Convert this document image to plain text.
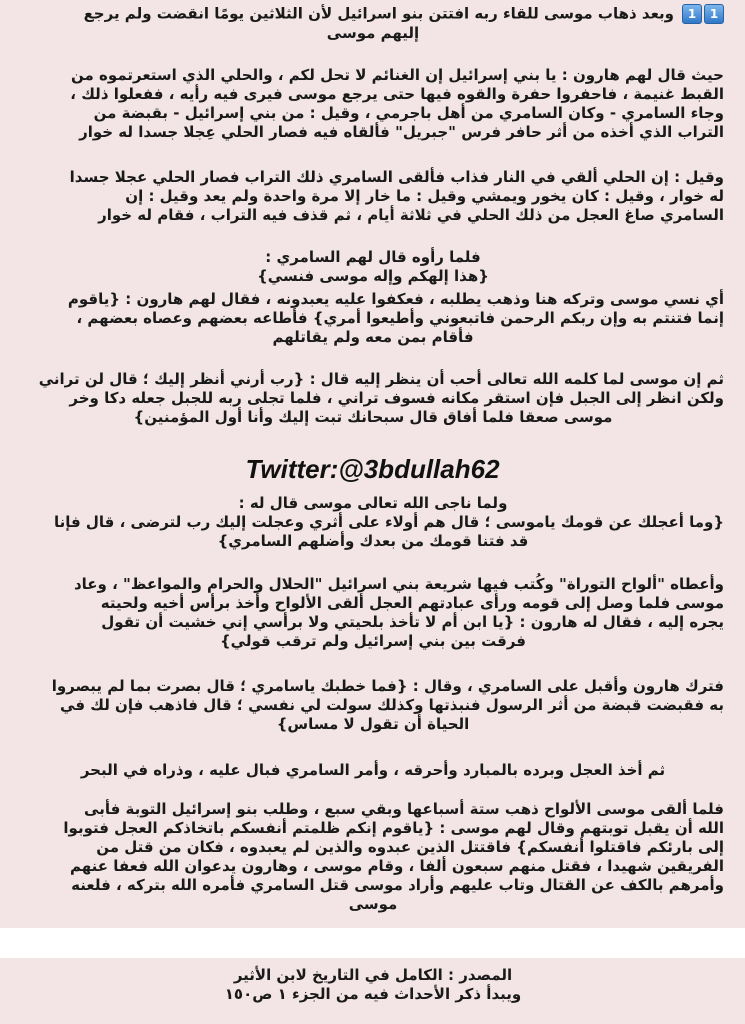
1 1وبعد ذهاب موسى للقاء ربه افتتن بنو اسرائيل لأن الثلاثين يومًا انقضت ولم يرجع
إليهم موسى
حيث قال لهم هارون : يا بني إسرائيل إن الغنائم لا تحل لكم ، والحلي الذي استعرتموه من
القبط غنيمة ، فاحفروا حفرة والقوه فيها حتى يرجع موسى فيرى فيه رأيه ، ففعلوا ذلك ،
وجاء السامري - وكان السامري من أهل باجرمي ، وقيل : من بني إسرائيل - بقبضة من
التراب الذي أخذه من أثر حافر فرس "جبريل" فألقاه فيه فصار الحلي عِجلا جسدا له خوار
وقيل : إن الحلي ألقي في النار فذاب فألقى السامري ذلك التراب فصار الحلي عجلا جسدا
له خوار ، وقيل : كان يخور ويمشي وقيل : ما خار إلا مرة واحدة ولم يعد وقيل : إن
السامري صاغ العجل من ذلك الحلي في ثلاثة أيام ، ثم قذف فيه التراب ، فقام له خوار
فلما رأوه قال لهم السامري :
{هذا إلهكم وإله موسى فنسي}
أي نسي موسى وتركه هنا وذهب يطلبه ، فعكفوا عليه يعبدونه ، فقال لهم هارون : {ياقوم
إنما فتنتم به وإن ربكم الرحمن فاتبعوني وأطيعوا أمري} فأطاعه بعضهم وعصاه بعضهم ،
فأقام بمن معه ولم يقاتلهم
ثم إن موسى لما كلمه الله تعالى أحب أن ينظر إليه قال : {رب أرني أنظر إليك ؛ قال لن تراني
ولكن انظر إلى الجبل فإن استقر مكانه فسوف تراني ، فلما تجلى ربه للجبل جعله دكا وخر
موسى صعقا فلما أفاق قال سبحانك تبت إليك وأنا أول المؤمنين}
Twitter:@3bdullah62
ولما ناجى الله تعالى موسى قال له :
{وما أعجلك عن قومك ياموسى ؛ قال هم أولاء على أثري وعجلت إليك رب لترضى ، قال فإنا
قد فتنا قومك من بعدك وأضلهم السامري}
وأعطاه "ألواح التوراة" وكُتب فيها شريعة بني اسرائيل "الحلال والحرام والمواعظ" ، وعاد
موسى فلما وصل إلى قومه ورأى عبادتهم العجل ألقى الألواح وأخذ برأس أخيه ولحيته
يجره إليه ، فقال له هارون : {يا ابن أم لا تأخذ بلحيتي ولا برأسي إني خشيت أن تقول
فرقت بين بني إسرائيل ولم ترقب قولي}
فترك هارون وأقبل على السامري ، وقال : {فما خطبك ياسامري ؛ قال بصرت بما لم يبصروا
به فقبضت قبضة من أثر الرسول فنبذتها وكذلك سولت لي نفسي ؛ قال فاذهب فإن لك في
الحياة أن تقول لا مساس}
ثم أخذ العجل وبرده بالمبارد وأحرقه ، وأمر السامري فبال عليه ، وذراه في البحر
فلما ألقى موسى الألواح ذهب ستة أسباعها وبقي سبع ، وطلب بنو إسرائيل التوبة فأبى
الله أن يقبل توبتهم وقال لهم موسى : {ياقوم إنكم ظلمتم أنفسكم باتخاذكم العجل فتوبوا
إلى بارئكم فاقتلوا أنفسكم} فاقتتل الذين عبدوه والذين لم يعبدوه ، فكان من قتل من
الفريقين شهيدا ، فقتل منهم سبعون ألفا ، وقام موسى ، وهارون يدعوان الله فعفا عنهم
وأمرهم بالكف عن القتال وتاب عليهم وأراد موسى قتل السامري فأمره الله بتركه ، فلعنه
موسى
المصدر : الكامل في التاريخ لابن الأثير
ويبدأ ذكر الأحداث فيه من الجزء ١ ص١٥٠
